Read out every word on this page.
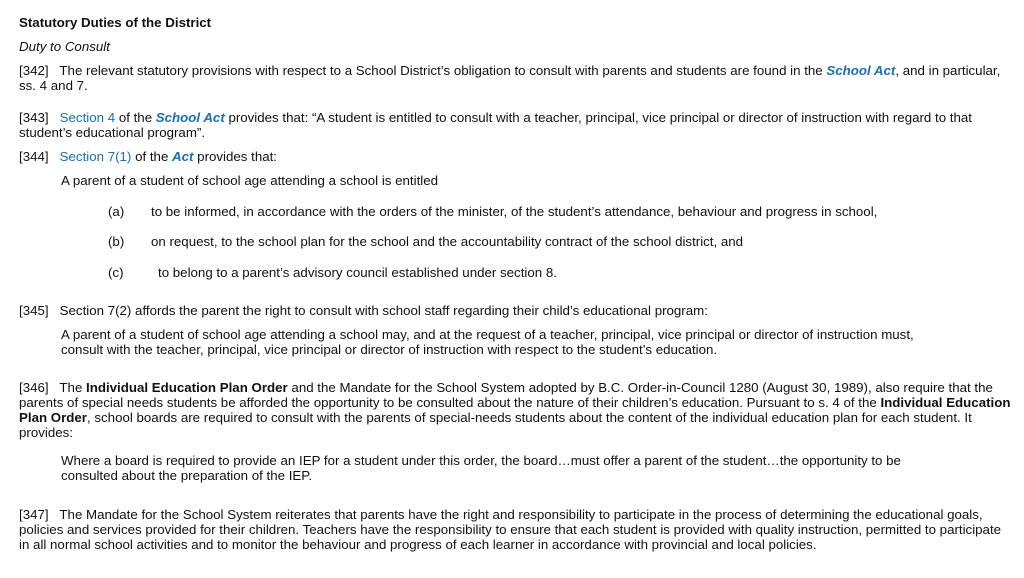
Statutory Duties of the District
Duty to Consult

[342] The relevant statutory provisions with respect to a School District’s obligation to consult with parents and students are found in the School Act, and in particular, ss. 4 and 7.

[343] Section 4 of the School Act provides that: “A student is entitled to consult with a teacher, principal, vice principal or director of instruction with regard to that student’s educational program”.

[344] Section 7(1) of the Act provides that:

A parent of a student of school age attending a school is entitled
(a) to be informed, in accordance with the orders of the minister, of the student’s attendance, behaviour and progress in school,
(b) on request, to the school plan for the school and the accountability contract of the school district, and
(c)	to belong to a parent’s advisory council established under section 8.

[345] Section 7(2) affords the parent the right to consult with school staff regarding their child’s educational program:

A parent of a student of school age attending a school may, and at the request of a teacher, principal, vice principal or director of instruction must, consult with the teacher, principal, vice principal or director of instruction with respect to the student’s education.

[346] The Individual Education Plan Order and the Mandate for the School System adopted by B.C. Order-in-Council 1280 (August 30, 1989), also require that the parents of special needs students be afforded the opportunity to be consulted about the nature of their children’s education. Pursuant to s. 4 of the Individual Education Plan Order, school boards are required to consult with the parents of special-needs students about the content of the individual education plan for each student. It provides:

Where a board is required to provide an IEP for a student under this order, the board…must offer a parent of the student…the opportunity to be consulted about the preparation of the IEP.

[347] The Mandate for the School System reiterates that parents have the right and responsibility to participate in the process of determining the educational goals, policies and services provided for their children. Teachers have the responsibility to ensure that each student is provided with quality instruction, permitted to participate in all normal school activities and to monitor the behaviour and progress of each learner in accordance with provincial and local policies.
